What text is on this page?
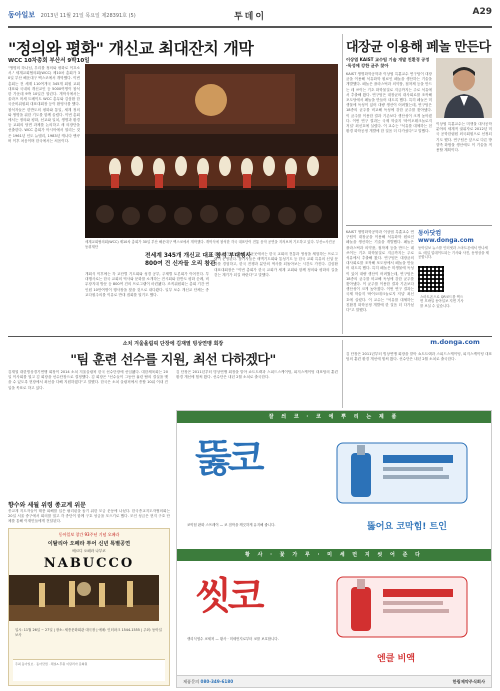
동아일보 2013년 11월 21일 목요일 제28391호 (5)	투데이	A29
"정의와 평화" 개신교 최대잔치 개막
WCC 10차총회 부산서 9박10일
"생명의 하나님, 우리를 정의와 평화로 이끄소서." 세계교회협의회(WCC) 제10차 총회가 30일 부산 해운대구 벡스코에서 개막했다. 이번 총회는 전 세계 110여개국 345개 회원 교회 대표와 국내외 개신교인 등 5000여명이 참석한 가운데 9박 10일간 열린다. 개막식에서는 울라프 픽세 트베이트 WCC 총무와 김삼환 한국준비위원회 대표대회장 등이 환영사를 했다. 참석자들은 한반도의 평화와 통일, 세계 정의와 생명을 위한 기도를 함께 올렸다. 이번 총회에서는 정의와 평화, 선교와 일치, 생명과 환경 등 교회의 당면 과제를 논의하고 새 의장단을 선출한다. WCC 총회가 아시아에서 열리는 것은 1961년 인도 뉴델리, 1983년 캐나다 밴쿠버 이후 처음이며 한국에서는 처음이다.
세계교회협의회(WCC) 제10차 총회가 30일 부산 해운대구 벡스코에서 개막했다. 개막식에 참석한 각국 대표단이 전통 음악 공연을 지켜보며 기도하고 있다. 부산=사진공동취재단
전세계 345개 개신교 대표 참석 부대행사 800여 건 신자들 오리 참관
개회식 이후에는 각 교단별 기도회와 성경 공부, 주제별 토론회가 이어진다. 부대행사로는 한국 교회의 역사와 문화를 소개하는 전시회와 한반도 평화 순례, 비무장지대 방문 등 800여 건의 프로그램이 마련됐다. 조직위원회는 총회 기간 연인원 10만여명이 행사장을 찾을 것으로 내다봤다. 일부 보수 개신교 단체는 종교다원주의를 이유로 반대 집회를 열기도 했다.
총회 기간에 부산 시내 곳곳에서는 한국 교회의 전통과 영성을 체험하는 프로그램이 운영된다. 참가자들은 새벽기도회와 통성기도 등 한국 교회 특유의 신앙 문화를 경험하고, 한국 전쟁과 분단의 역사를 되돌아보는 시간도 가진다. 김삼환 대표대회장은 "이번 총회가 한국 교회가 세계 교회와 함께 정의와 평화의 길을 걷는 계기가 되길 바란다"고 말했다.
대장균 이용해 페놀 만든다
이상엽 KAIST 교수팀 기술 개발 친환경 공정 ·독성에 강한 균주 찾아
KAIST 생명화학공학과 이상엽 특훈교수 연구팀이 대장균을 이용해 석유화학 원료인 페놀을 생산하는 기술을 개발했다. 페놀은 플라스틱과 의약품, 접착제 등을 만드는 데 쓰이는 기초 화학물질로 지금까지는 주로 석유에서 추출해 왔다. 연구팀은 대장균의 대사회로를 조작해 포도당에서 페놀을 만들어 내도록 했다. 특히 페놀은 미생물에 독성이 있어 대량 생산이 어려웠는데, 연구팀은 18종의 균주를 비교해 독성에 강한 균주를 찾아냈다. 이 균주를 이용한 결과 기존보다 생산성이 크게 높아졌다. 이번 연구 결과는 국제 학술지 '바이오테크놀로지 저널' 최신호에 실렸다. 이 교수는 "석유를 대체하는 친환경 화학공정 개발에 한 걸음 더 다가섰다"고 말했다.
이상엽 특훈교수는 미생물 대사공학 분야의 세계적 권위자로 2012년 미국 공학한림원 외국회원으로 선정되기도 했다. 연구팀은 앞으로 다른 방향족 화합물 생산에도 이 기술을 적용할 계획이다.
동아닷컴 www.donga.com
동아일보 뉴스를 인터넷과 스마트폰에서 만나세요. 매일 업데이트되는 기사와 사진, 동영상을 제공합니다.
스마트폰으로 QR코드를 찍으면 모바일 동아일보 지면 기사를 보실 수 있습니다.
KAIST 생명화학공학과 이상엽 특훈교수 연구팀이 대장균을 이용해 석유화학 원료인 페놀을 생산하는 기술을 개발했다. 페놀은 플라스틱과 의약품, 접착제 등을 만드는 데 쓰이는 기초 화학물질로 지금까지는 주로 석유에서 추출해 왔다. 연구팀은 대장균의 대사회로를 조작해 포도당에서 페놀을 만들어 내도록 했다. 특히 페놀은 미생물에 독성이 있어 대량 생산이 어려웠는데, 연구팀은 18종의 균주를 비교해 독성에 강한 균주를 찾아냈다. 이 균주를 이용한 결과 기존보다 생산성이 크게 높아졌다. 이번 연구 결과는 국제 학술지 '바이오테크놀로지 저널' 최신호에 실렸다. 이 교수는 "석유를 대체하는 친환경 화학공정 개발에 한 걸음 더 다가섰다"고 말했다.
m.donga.com
소치 겨울올림픽 단장에 김재열 빙상연맹 회장
"팀 훈련 선수를 지원, 최선 다하겠다"
김재열 대한빙상경기연맹 회장이 2014 소치 겨울올림픽 한국 선수단장에 선임됐다. 대한체육회는 20일 이사회를 열고 김 회장을 선수단장으로 결정했다. 김 회장은 "선수들이 그동안 흘린 땀의 결실을 맺을 수 있도록 현장에서 최선을 다해 지원하겠다"고 말했다. 한국은 소치 올림픽에서 종합 10위 이내 진입을 목표로 하고 있다.
김 단장은 2011년부터 빙상연맹 회장을 맡아 쇼트트랙과 스피드스케이팅, 피겨스케이팅 대표팀의 훈련 환경 개선에 힘써 왔다. 선수단은 내년 2월 소치로 출국한다.
김 단장은 2011년부터 빙상연맹 회장을 맡아 쇼트트랙과 스피드스케이팅, 피겨스케이팅 대표팀의 훈련 환경 개선에 힘써 왔다. 선수단은 내년 2월 소치로 출국한다.
향수와 세월 위령 종교계 위문
종교계 지도자들이 태풍 피해를 입은 필리핀을 돕기 위한 모금 운동에 나섰다. 한국종교지도자협의회는 20일 서울 중구에서 회의를 열고 각 종단이 함께 구호 성금을 모으기로 했다. 모인 성금은 현지 구호 단체를 통해 이재민들에게 전달된다.
동아일보 창간 93주년 기념 오페라
이탈리아 오페라 투어 신년 특별공연
베르디 오페라 나부코
NABUCCO
일시: 11월 26일 ~ 27일 | 장소: 세종문화회관 대극장 | 예매: 인터파크 1544-1555 | 주최: 동아일보사
주최 동아일보 · 동아닷컴 · 채널A 후원 이탈리아 문화원
잘 씌 코 · 코 에 뿌 리 는 제 품
뚫코
뚫어요 코막힘! 트인
코막힘 완화 스프레이 — 코 점막을 깨끗하게 유지해 줍니다.
황 사 · 꽃 가 루 · 미 세 먼 지 씻 어 준 다
씻코
엔클 비액
생리식염수 코세척 — 황사 · 미세먼지로부터 코를 보호합니다.
제품문의 080-349-6180	한림제약주식회사
